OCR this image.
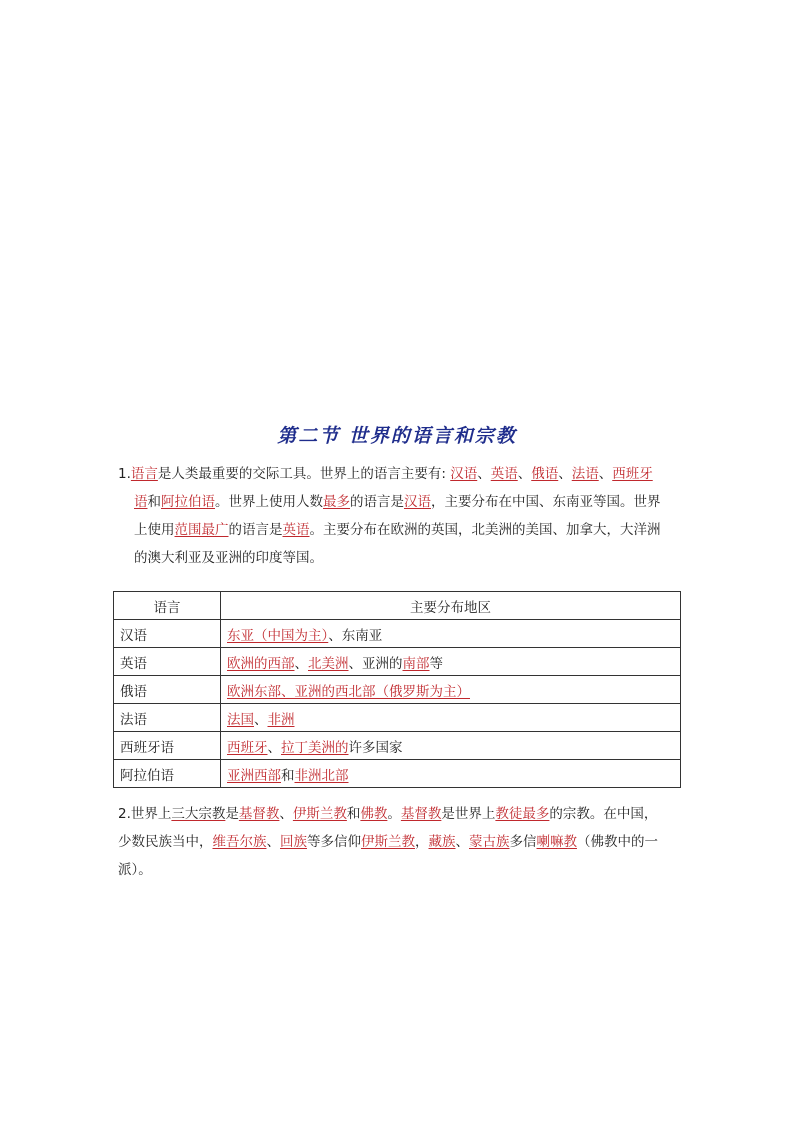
第二节 世界的语言和宗教
1.语言是人类最重要的交际工具。世界上的语言主要有: 汉语、英语、俄语、法语、西班牙
语和阿拉伯语。世界上使用人数最多的语言是汉语，主要分布在中国、东南亚等国。世界
上使用范围最广的语言是英语。主要分布在欧洲的英国，北美洲的美国、加拿大，大洋洲
的澳大利亚及亚洲的印度等国。
语言	主要分布地区
汉语	东亚（中国为主）、东南亚
英语	欧洲的西部、北美洲、亚洲的南部等
俄语	欧洲东部、亚洲的西北部（俄罗斯为主）
法语	法国、非洲
西班牙语	西班牙、拉丁美洲的许多国家
阿拉伯语	亚洲西部和非洲北部
2.世界上三大宗教是基督教、伊斯兰教和佛教。基督教是世界上教徒最多的宗教。在中国，
少数民族当中，维吾尔族、回族等多信仰伊斯兰教，藏族、蒙古族多信喇嘛教（佛教中的一
派）。
